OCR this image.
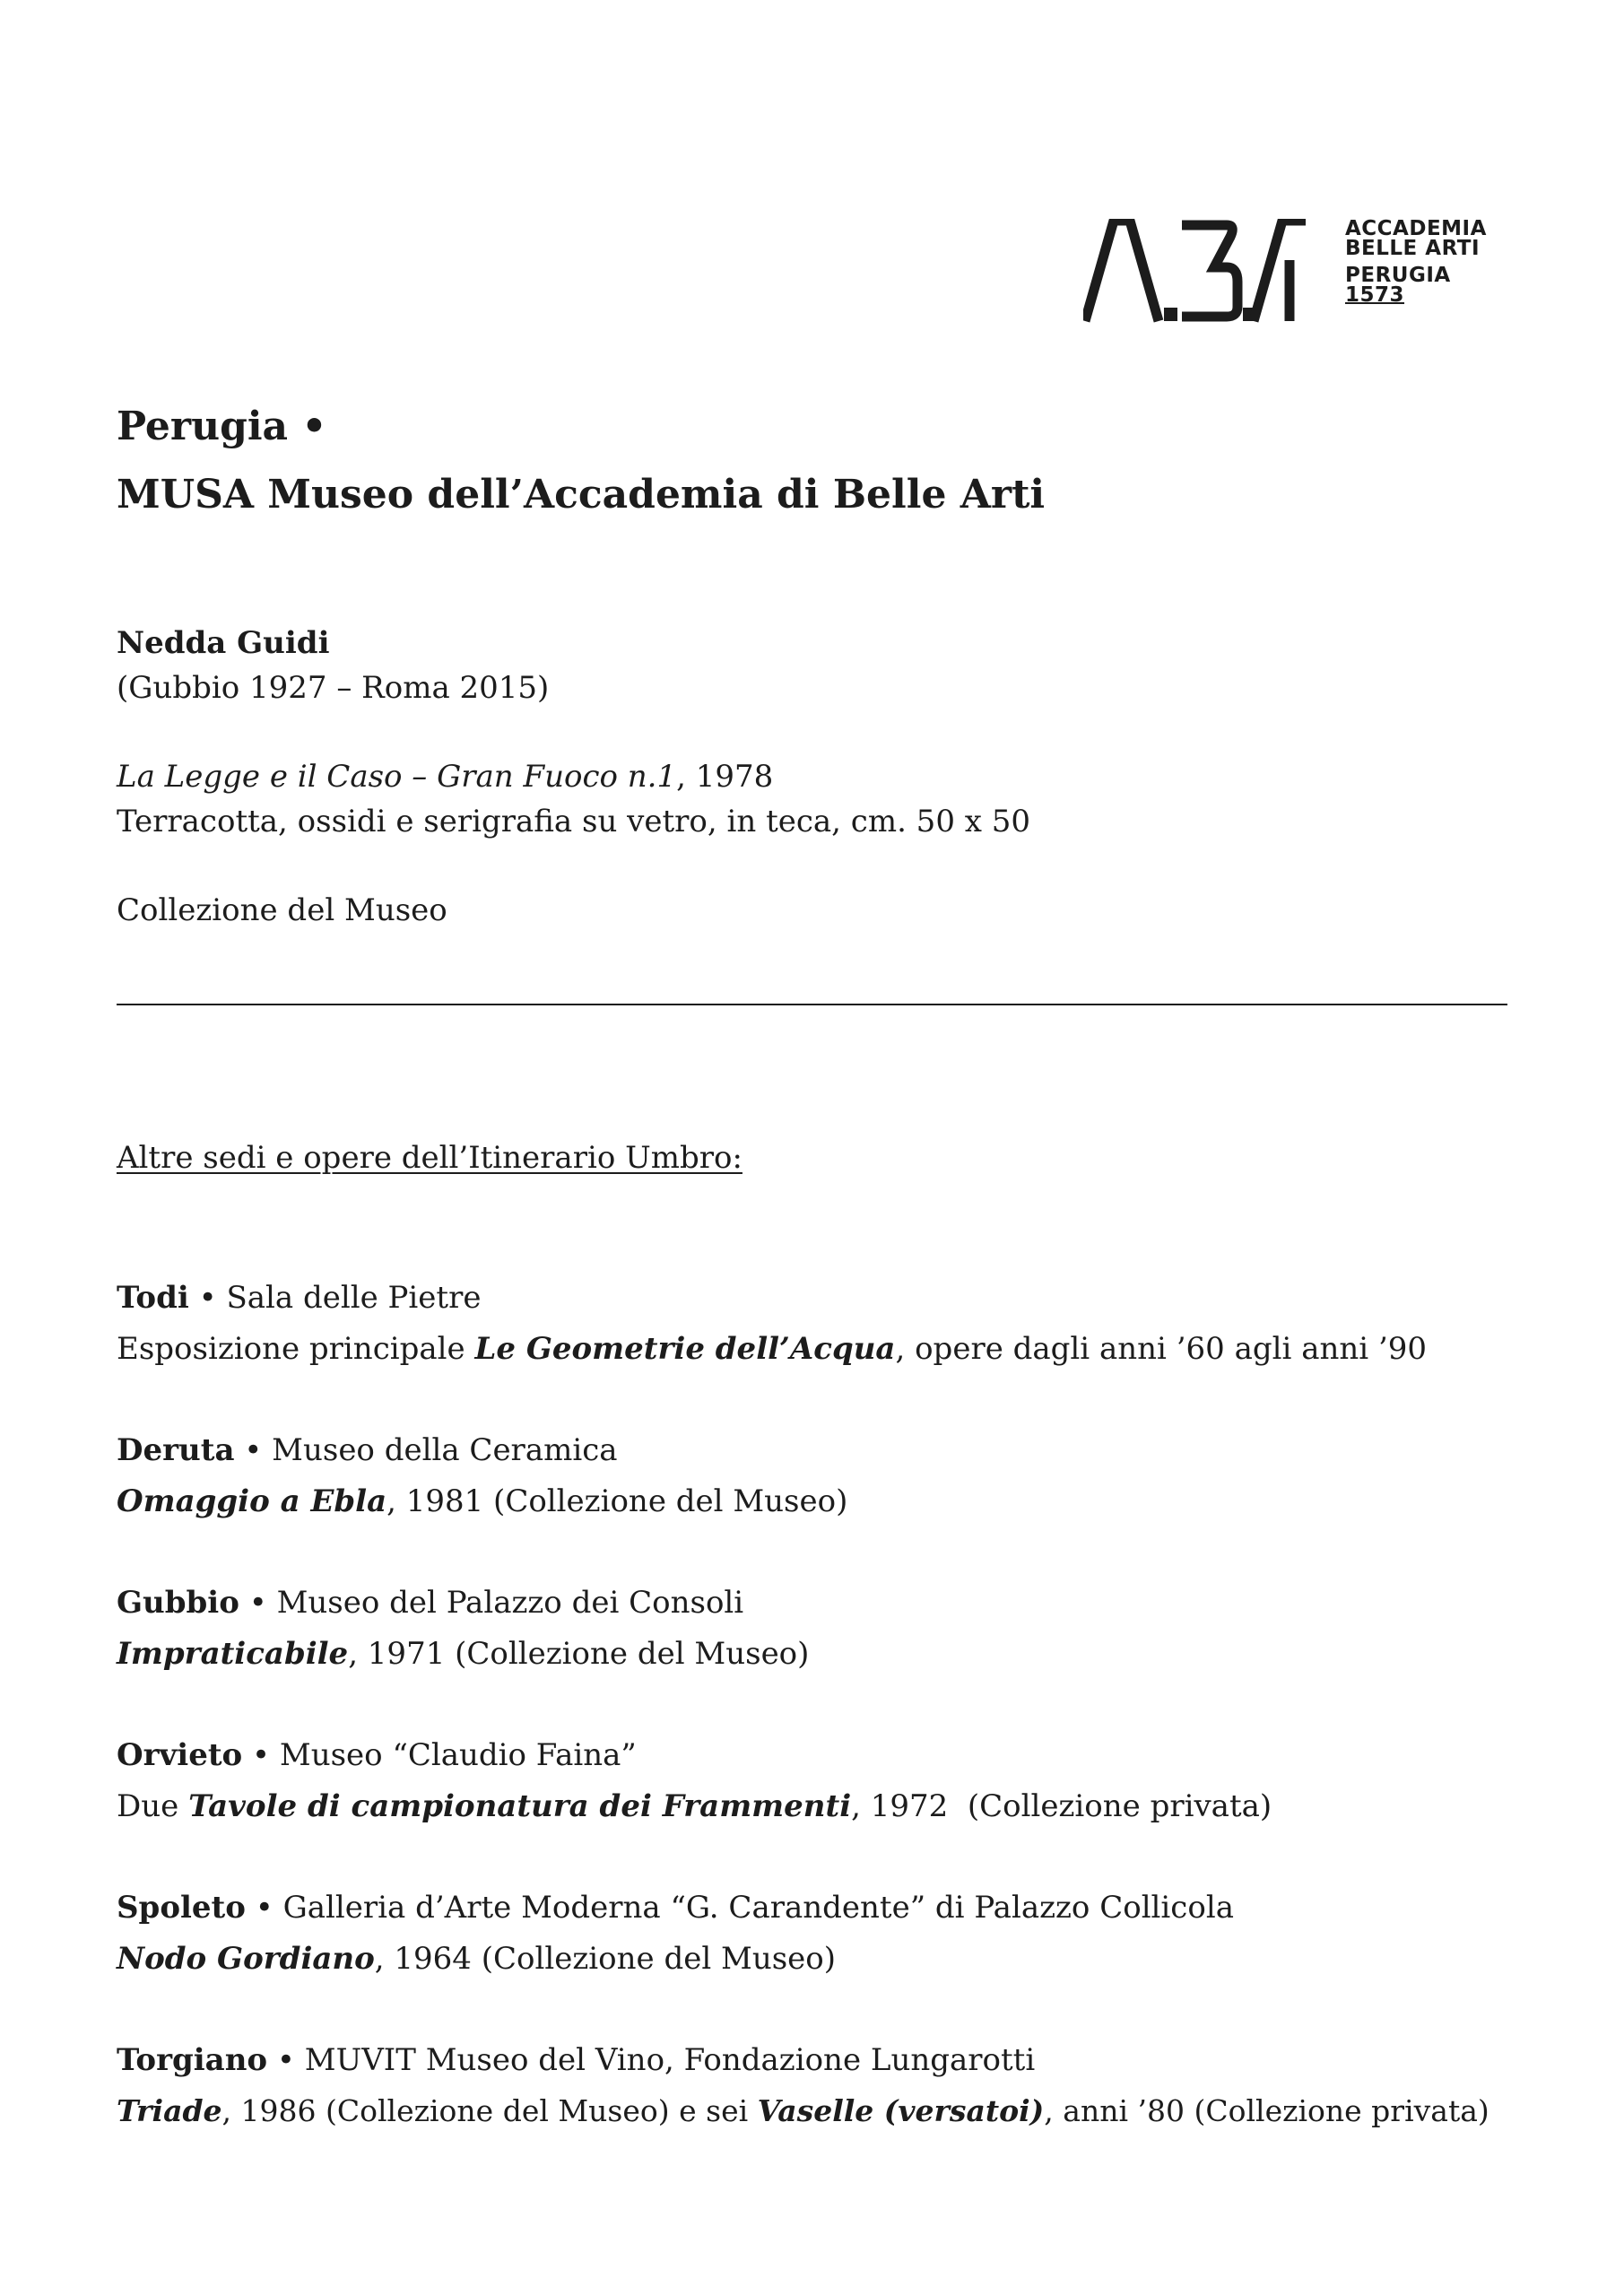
ACCADEMIA
BELLE ARTI
PERUGIA
1573
Perugia •
MUSA Museo dell’Accademia di Belle Arti
Nedda Guidi
(Gubbio 1927 – Roma 2015)
La Legge e il Caso – Gran Fuoco n.1, 1978
Terracotta, ossidi e serigrafia su vetro, in teca, cm. 50 x 50
Collezione del Museo
Altre sedi e opere dell’Itinerario Umbro:
Todi • Sala delle Pietre
Esposizione principale Le Geometrie dell’Acqua, opere dagli anni ’60 agli anni ’90
Deruta • Museo della Ceramica
Omaggio a Ebla, 1981 (Collezione del Museo)
Gubbio • Museo del Palazzo dei Consoli
Impraticabile, 1971 (Collezione del Museo)
Orvieto • Museo “Claudio Faina”
Due Tavole di campionatura dei Frammenti, 1972  (Collezione privata)
Spoleto • Galleria d’Arte Moderna “G. Carandente” di Palazzo Collicola
Nodo Gordiano, 1964 (Collezione del Museo)
Torgiano • MUVIT Museo del Vino, Fondazione Lungarotti
Triade, 1986 (Collezione del Museo) e sei Vaselle (versatoi), anni ’80 (Collezione privata)
